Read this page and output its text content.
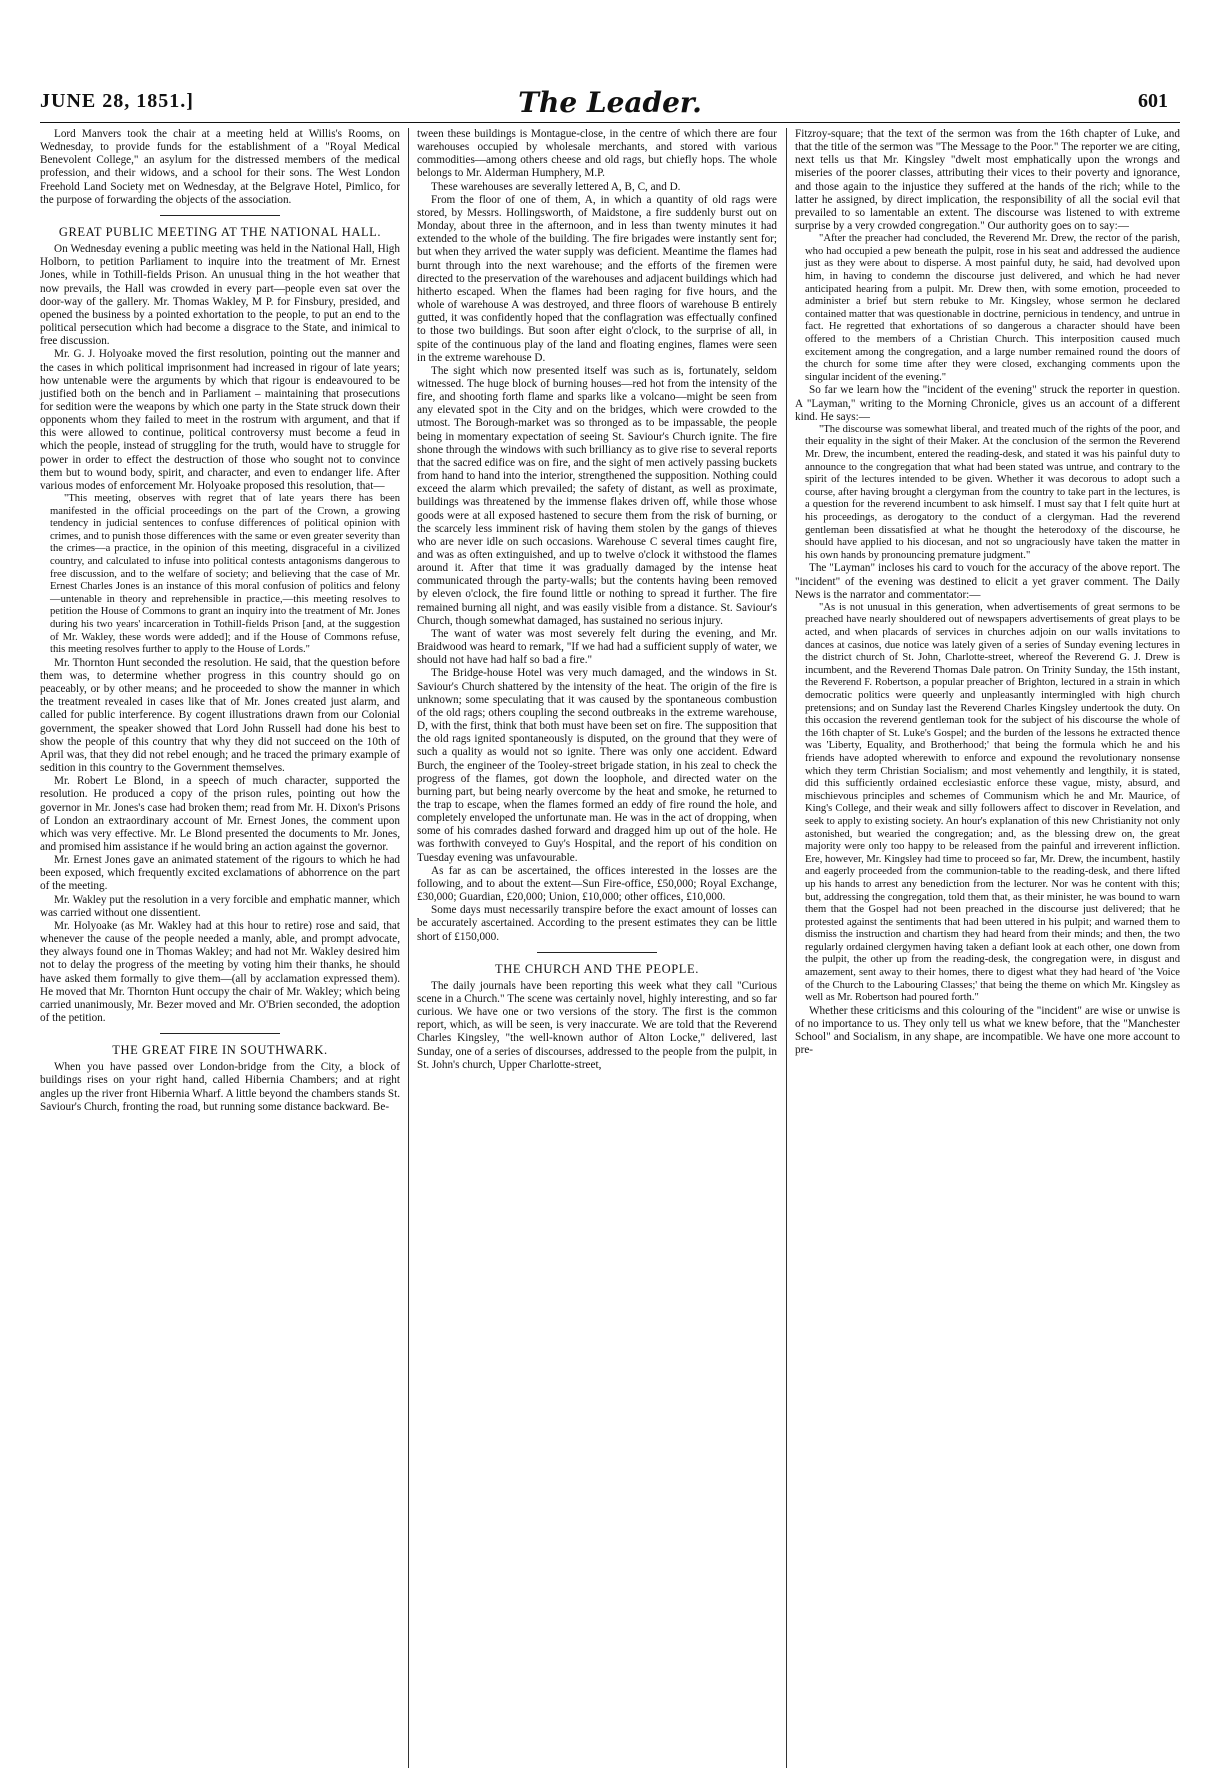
JUNE 28, 1851.]	The Leader.	601

Lord Manvers took the chair at a meeting held at Willis's Rooms, on Wednesday, to provide funds for the establishment of a "Royal Medical Benevolent College," an asylum for the distressed members of the medical profession, and their widows, and a school for their sons. The West London Freehold Land Society met on Wednesday, at the Belgrave Hotel, Pimlico, for the purpose of forwarding the objects of the association.

GREAT PUBLIC MEETING AT THE NATIONAL HALL.

On Wednesday evening a public meeting was held in the National Hall, High Holborn, to petition Parliament to inquire into the treatment of Mr. Ernest Jones, while in Tothill-fields Prison. An unusual thing in the hot weather that now prevails, the Hall was crowded in every part—people even sat over the door-way of the gallery. Mr. Thomas Wakley, M P. for Finsbury, presided, and opened the business by a pointed exhortation to the people, to put an end to the political persecution which had become a disgrace to the State, and inimical to free discussion.

Mr. G. J. Holyoake moved the first resolution, pointing out the manner and the cases in which political imprisonment had increased in rigour of late years; how untenable were the arguments by which that rigour is endeavoured to be justified both on the bench and in Parliament – maintaining that prosecutions for sedition were the weapons by which one party in the State struck down their opponents whom they failed to meet in the rostrum with argument, and that if this were allowed to continue, political controversy must become a feud in which the people, instead of struggling for the truth, would have to struggle for power in order to effect the destruction of those who sought not to convince them but to wound body, spirit, and character, and even to endanger life. After various modes of enforcement Mr. Holyoake proposed this resolution, that—

"This meeting, observes with regret that of late years there has been manifested in the official proceedings on the part of the Crown, a growing tendency in judicial sentences to confuse differences of political opinion with crimes, and to punish those differences with the same or even greater severity than the crimes—a practice, in the opinion of this meeting, disgraceful in a civilized country, and calculated to infuse into political contests antagonisms dangerous to free discussion, and to the welfare of society; and believing that the case of Mr. Ernest Charles Jones is an instance of this moral confusion of politics and felony—untenable in theory and reprehensible in practice,—this meeting resolves to petition the House of Commons to grant an inquiry into the treatment of Mr. Jones during his two years' incarceration in Tothill-fields Prison [and, at the suggestion of Mr. Wakley, these words were added]; and if the House of Commons refuse, this meeting resolves further to apply to the House of Lords."

Mr. Thornton Hunt seconded the resolution. He said, that the question before them was, to determine whether progress in this country should go on peaceably, or by other means; and he proceeded to show the manner in which the treatment revealed in cases like that of Mr. Jones created just alarm, and called for public interference. By cogent illustrations drawn from our Colonial government, the speaker showed that Lord John Russell had done his best to show the people of this country that why they did not succeed on the 10th of April was, that they did not rebel enough; and he traced the primary example of sedition in this country to the Government themselves.

Mr. Robert Le Blond, in a speech of much character, supported the resolution. He produced a copy of the prison rules, pointing out how the governor in Mr. Jones's case had broken them; read from Mr. H. Dixon's Prisons of London an extraordinary account of Mr. Ernest Jones, the comment upon which was very effective. Mr. Le Blond presented the documents to Mr. Jones, and promised him assistance if he would bring an action against the governor.

Mr. Ernest Jones gave an animated statement of the rigours to which he had been exposed, which frequently excited exclamations of abhorrence on the part of the meeting.

Mr. Wakley put the resolution in a very forcible and emphatic manner, which was carried without one dissentient.

Mr. Holyoake (as Mr. Wakley had at this hour to retire) rose and said, that whenever the cause of the people needed a manly, able, and prompt advocate, they always found one in Thomas Wakley; and had not Mr. Wakley desired him not to delay the progress of the meeting by voting him their thanks, he should have asked them formally to give them—(all by acclamation expressed them). He moved that Mr. Thornton Hunt occupy the chair of Mr. Wakley; which being carried unanimously, Mr. Bezer moved and Mr. O'Brien seconded, the adoption of the petition.

THE GREAT FIRE IN SOUTHWARK.

When you have passed over London-bridge from the City, a block of buildings rises on your right hand, called Hibernia Chambers; and at right angles up the river front Hibernia Wharf. A little beyond the chambers stands St. Saviour's Church, fronting the road, but running some distance backward. Be-

tween these buildings is Montague-close, in the centre of which there are four warehouses occupied by wholesale merchants, and stored with various commodities—among others cheese and old rags, but chiefly hops. The whole belongs to Mr. Alderman Humphery, M.P.

These warehouses are severally lettered A, B, C, and D.

From the floor of one of them, A, in which a quantity of old rags were stored, by Messrs. Hollingsworth, of Maidstone, a fire suddenly burst out on Monday, about three in the afternoon, and in less than twenty minutes it had extended to the whole of the building. The fire brigades were instantly sent for; but when they arrived the water supply was deficient. Meantime the flames had burnt through into the next warehouse; and the efforts of the firemen were directed to the preservation of the warehouses and adjacent buildings which had hitherto escaped. When the flames had been raging for five hours, and the whole of warehouse A was destroyed, and three floors of warehouse B entirely gutted, it was confidently hoped that the conflagration was effectually confined to those two buildings. But soon after eight o'clock, to the surprise of all, in spite of the continuous play of the land and floating engines, flames were seen in the extreme warehouse D.

The sight which now presented itself was such as is, fortunately, seldom witnessed. The huge block of burning houses—red hot from the intensity of the fire, and shooting forth flame and sparks like a volcano—might be seen from any elevated spot in the City and on the bridges, which were crowded to the utmost. The Borough-market was so thronged as to be impassable, the people being in momentary expectation of seeing St. Saviour's Church ignite. The fire shone through the windows with such brilliancy as to give rise to several reports that the sacred edifice was on fire, and the sight of men actively passing buckets from hand to hand into the interior, strengthened the supposition. Nothing could exceed the alarm which prevailed; the safety of distant, as well as proximate, buildings was threatened by the immense flakes driven off, while those whose goods were at all exposed hastened to secure them from the risk of burning, or the scarcely less imminent risk of having them stolen by the gangs of thieves who are never idle on such occasions. Warehouse C several times caught fire, and was as often extinguished, and up to twelve o'clock it withstood the flames around it. After that time it was gradually damaged by the intense heat communicated through the party-walls; but the contents having been removed by eleven o'clock, the fire found little or nothing to spread it further. The fire remained burning all night, and was easily visible from a distance. St. Saviour's Church, though somewhat damaged, has sustained no serious injury.

The want of water was most severely felt during the evening, and Mr. Braidwood was heard to remark, "If we had had a sufficient supply of water, we should not have had half so bad a fire."

The Bridge-house Hotel was very much damaged, and the windows in St. Saviour's Church shattered by the intensity of the heat. The origin of the fire is unknown; some speculating that it was caused by the spontaneous combustion of the old rags; others coupling the second outbreaks in the extreme warehouse, D, with the first, think that both must have been set on fire. The supposition that the old rags ignited spontaneously is disputed, on the ground that they were of such a quality as would not so ignite. There was only one accident. Edward Burch, the engineer of the Tooley-street brigade station, in his zeal to check the progress of the flames, got down the loophole, and directed water on the burning part, but being nearly overcome by the heat and smoke, he returned to the trap to escape, when the flames formed an eddy of fire round the hole, and completely enveloped the unfortunate man. He was in the act of dropping, when some of his comrades dashed forward and dragged him up out of the hole. He was forthwith conveyed to Guy's Hospital, and the report of his condition on Tuesday evening was unfavourable.

As far as can be ascertained, the offices interested in the losses are the following, and to about the extent—Sun Fire-office, £50,000; Royal Exchange, £30,000; Guardian, £20,000; Union, £10,000; other offices, £10,000.

Some days must necessarily transpire before the exact amount of losses can be accurately ascertained. According to the present estimates they can be little short of £150,000.

THE CHURCH AND THE PEOPLE.

The daily journals have been reporting this week what they call "Curious scene in a Church." The scene was certainly novel, highly interesting, and so far curious. We have one or two versions of the story. The first is the common report, which, as will be seen, is very inaccurate. We are told that the Reverend Charles Kingsley, "the well-known author of Alton Locke," delivered, last Sunday, one of a series of discourses, addressed to the people from the pulpit, in St. John's church, Upper Charlotte-street,

Fitzroy-square; that the text of the sermon was from the 16th chapter of Luke, and that the title of the sermon was "The Message to the Poor." The reporter we are citing, next tells us that Mr. Kingsley "dwelt most emphatically upon the wrongs and miseries of the poorer classes, attributing their vices to their poverty and ignorance, and those again to the injustice they suffered at the hands of the rich; while to the latter he assigned, by direct implication, the responsibility of all the social evil that prevailed to so lamentable an extent. The discourse was listened to with extreme surprise by a very crowded congregation." Our authority goes on to say:—

"After the preacher had concluded, the Reverend Mr. Drew, the rector of the parish, who had occupied a pew beneath the pulpit, rose in his seat and addressed the audience just as they were about to disperse. A most painful duty, he said, had devolved upon him, in having to condemn the discourse just delivered, and which he had never anticipated hearing from a pulpit. Mr. Drew then, with some emotion, proceeded to administer a brief but stern rebuke to Mr. Kingsley, whose sermon he declared contained matter that was questionable in doctrine, pernicious in tendency, and untrue in fact. He regretted that exhortations of so dangerous a character should have been offered to the members of a Christian Church. This interposition caused much excitement among the congregation, and a large number remained round the doors of the church for some time after they were closed, exchanging comments upon the singular incident of the evening."

So far we learn how the "incident of the evening" struck the reporter in question. A "Layman," writing to the Morning Chronicle, gives us an account of a different kind. He says:—

"The discourse was somewhat liberal, and treated much of the rights of the poor, and their equality in the sight of their Maker. At the conclusion of the sermon the Reverend Mr. Drew, the incumbent, entered the reading-desk, and stated it was his painful duty to announce to the congregation that what had been stated was untrue, and contrary to the spirit of the lectures intended to be given. Whether it was decorous to adopt such a course, after having brought a clergyman from the country to take part in the lectures, is a question for the reverend incumbent to ask himself. I must say that I felt quite hurt at his proceedings, as derogatory to the conduct of a clergyman. Had the reverend gentleman been dissatisfied at what he thought the heterodoxy of the discourse, he should have applied to his diocesan, and not so ungraciously have taken the matter in his own hands by pronouncing premature judgment."

The "Layman" incloses his card to vouch for the accuracy of the above report. The "incident" of the evening was destined to elicit a yet graver comment. The Daily News is the narrator and commentator:—

"As is not unusual in this generation, when advertisements of great sermons to be preached have nearly shouldered out of newspapers advertisements of great plays to be acted, and when placards of services in churches adjoin on our walls invitations to dances at casinos, due notice was lately given of a series of Sunday evening lectures in the district church of St. John, Charlotte-street, whereof the Reverend G. J. Drew is incumbent, and the Reverend Thomas Dale patron. On Trinity Sunday, the 15th instant, the Reverend F. Robertson, a popular preacher of Brighton, lectured in a strain in which democratic politics were queerly and unpleasantly intermingled with high church pretensions; and on Sunday last the Reverend Charles Kingsley undertook the duty. On this occasion the reverend gentleman took for the subject of his discourse the whole of the 16th chapter of St. Luke's Gospel; and the burden of the lessons he extracted thence was 'Liberty, Equality, and Brotherhood;' that being the formula which he and his friends have adopted wherewith to enforce and expound the revolutionary nonsense which they term Christian Socialism; and most vehemently and lengthily, it is stated, did this sufficiently ordained ecclesiastic enforce these vague, misty, absurd, and mischievous principles and schemes of Communism which he and Mr. Maurice, of King's College, and their weak and silly followers affect to discover in Revelation, and seek to apply to existing society. An hour's explanation of this new Christianity not only astonished, but wearied the congregation; and, as the blessing drew on, the great majority were only too happy to be released from the painful and irreverent infliction. Ere, however, Mr. Kingsley had time to proceed so far, Mr. Drew, the incumbent, hastily and eagerly proceeded from the communion-table to the reading-desk, and there lifted up his hands to arrest any benediction from the lecturer. Nor was he content with this; but, addressing the congregation, told them that, as their minister, he was bound to warn them that the Gospel had not been preached in the discourse just delivered; that he protested against the sentiments that had been uttered in his pulpit; and warned them to dismiss the instruction and chartism they had heard from their minds; and then, the two regularly ordained clergymen having taken a defiant look at each other, one down from the pulpit, the other up from the reading-desk, the congregation were, in disgust and amazement, sent away to their homes, there to digest what they had heard of 'the Voice of the Church to the Labouring Classes;' that being the theme on which Mr. Kingsley as well as Mr. Robertson had poured forth."

Whether these criticisms and this colouring of the "incident" are wise or unwise is of no importance to us. They only tell us what we knew before, that the "Manchester School" and Socialism, in any shape, are incompatible. We have one more account to pre-
